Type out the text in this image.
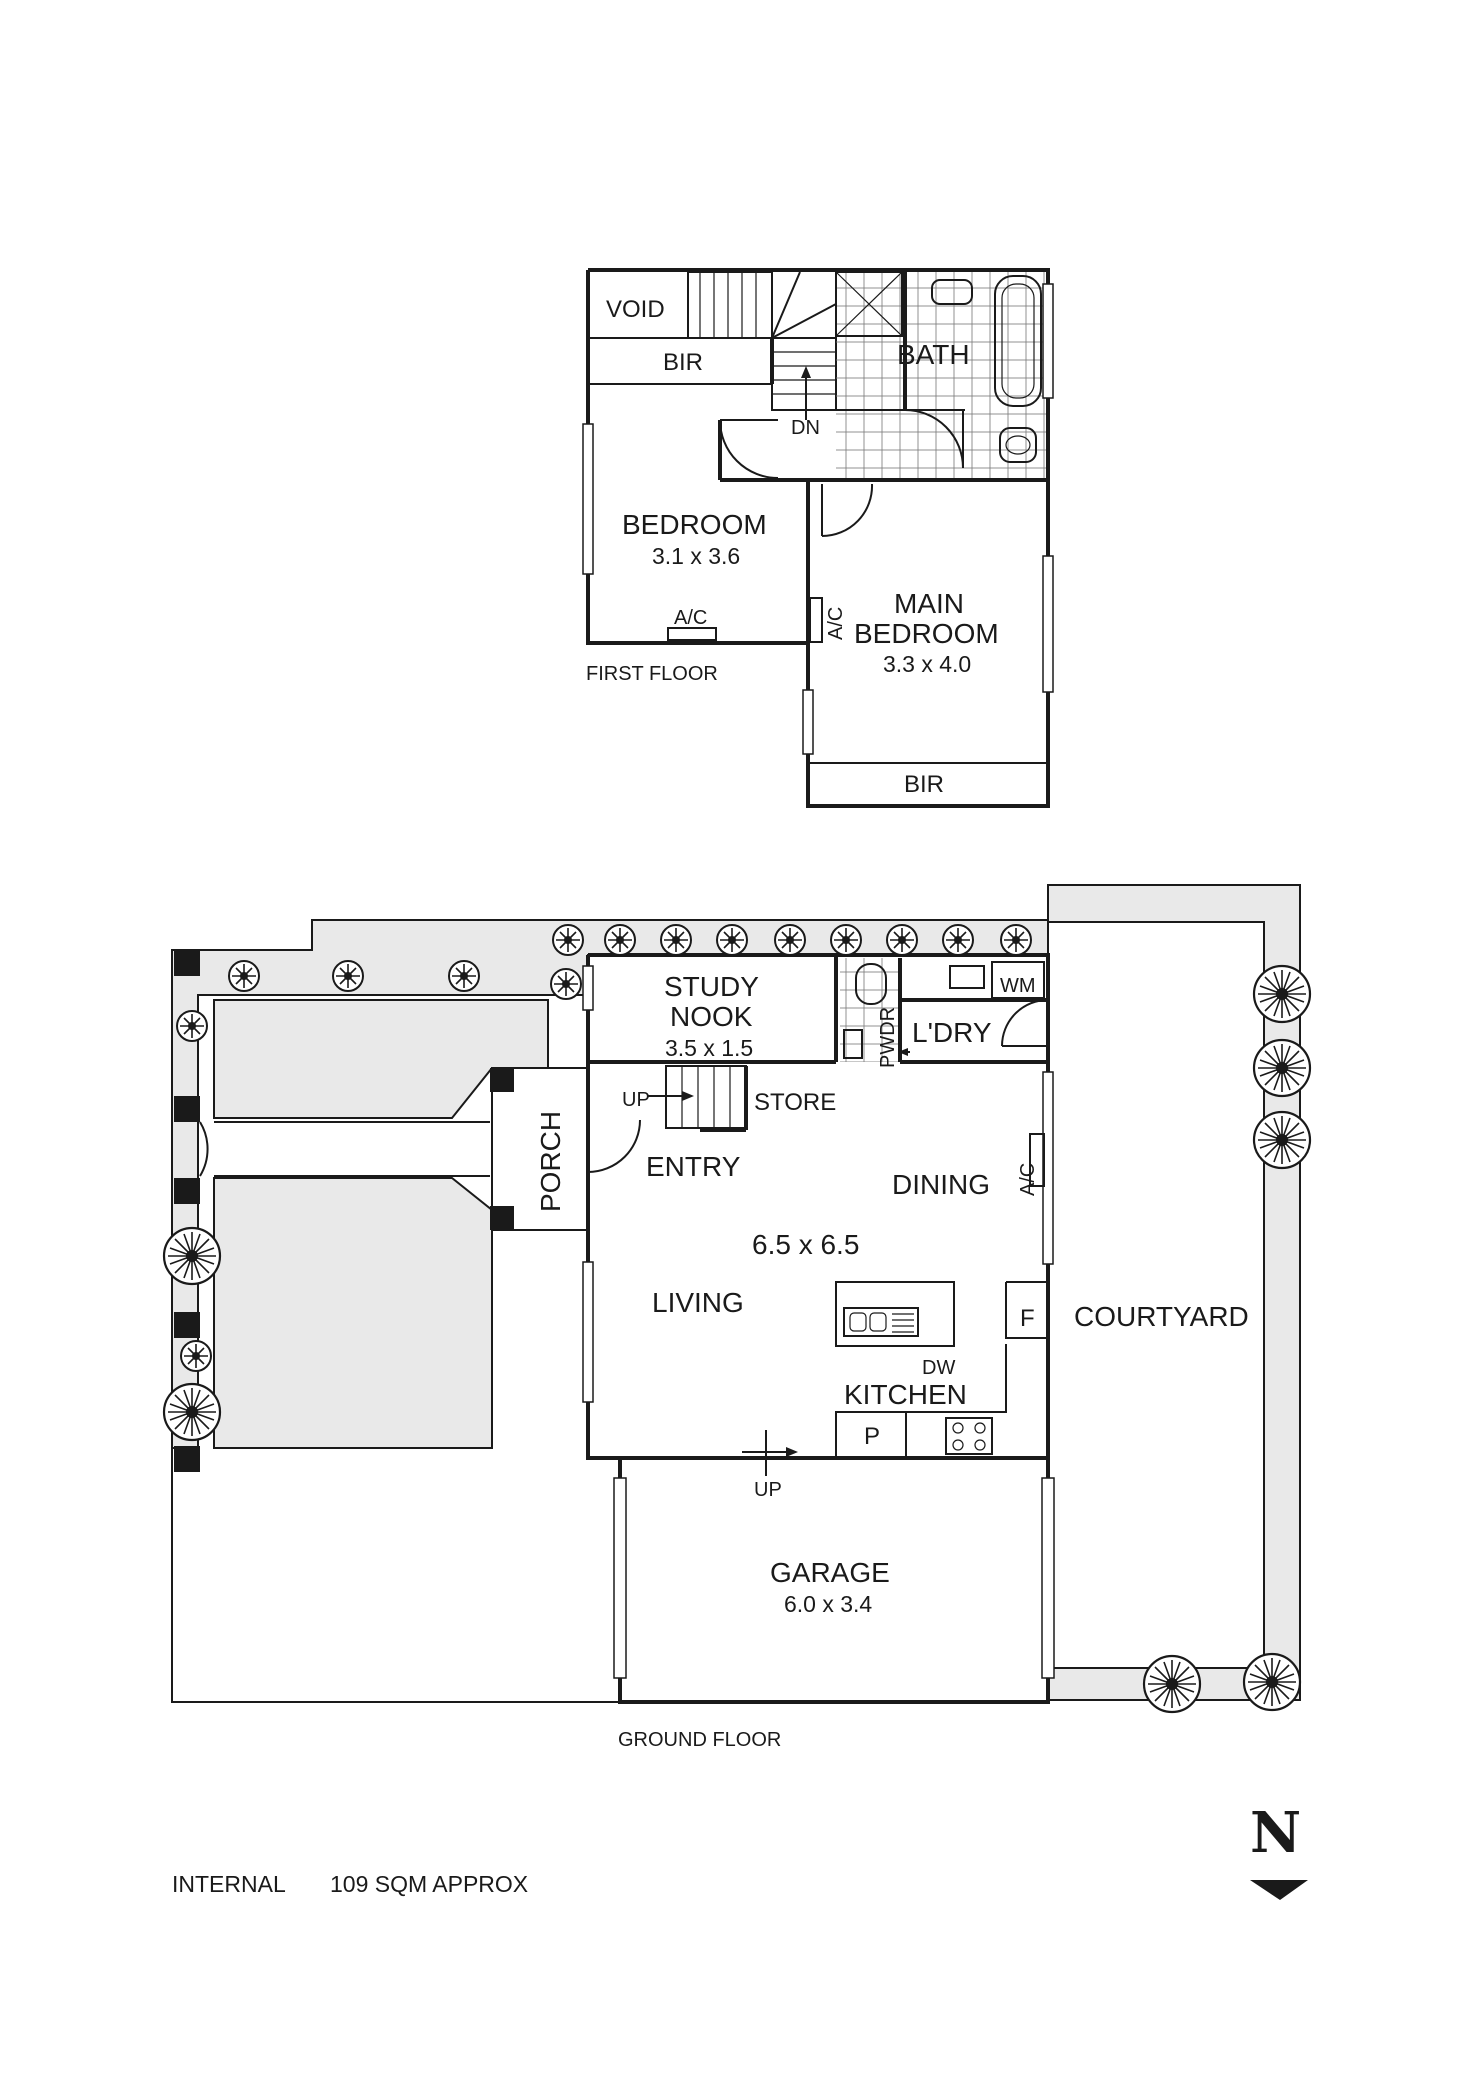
VOID
BIR	BATH
DN
BEDROOM
3.1 x 3.6
A/C	A/C
MAIN
BEDROOM
3.3 x 4.0
BIR
FIRST FLOOR
STUDY
NOOK
3.5 x 1.5
WM
PWDR L'DRY
UP	STORE
PORCH	ENTRY
DINING A/C
6.5 x 6.5
LIVING
F COURTYARD
DW
KITCHEN
P
UP
GARAGE
6.0 x 3.4
GROUND FLOOR
INTERNAL 109 SQM APPROX
N
